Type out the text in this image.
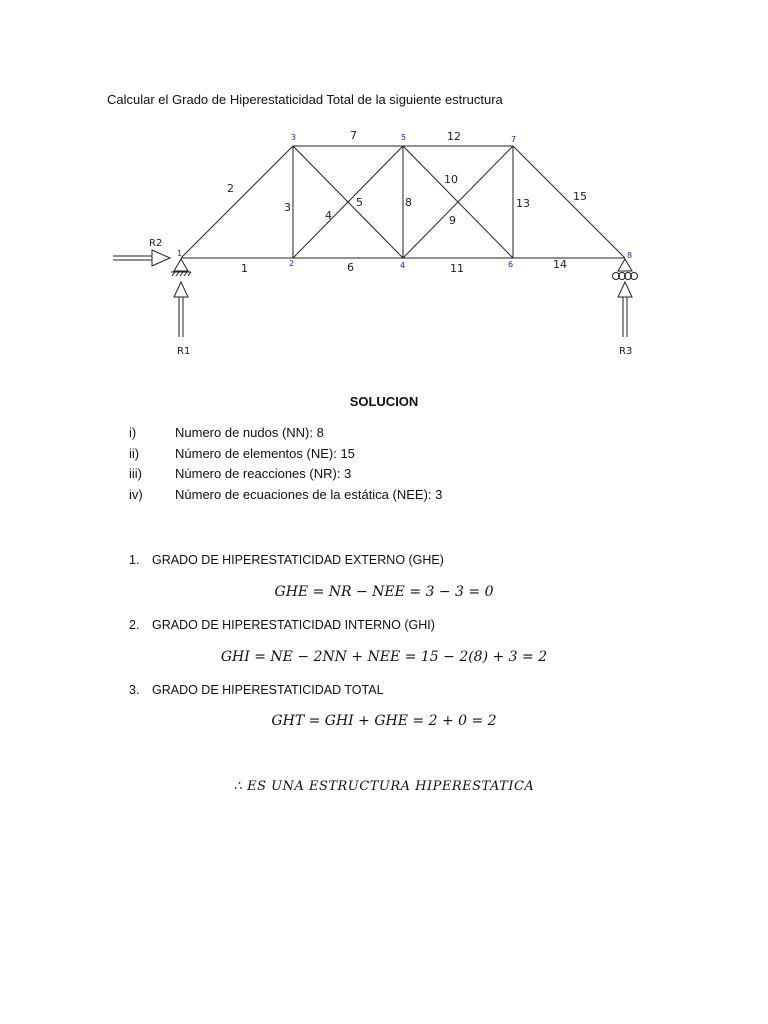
Calcular el Grado de Hiperestaticidad Total de la siguiente estructura
1
2
3
4
5
6
7
8
1
2
3
4
5
6
7
8
9
10
11
12
13
14
15
R1
R2
R3
SOLUCION
i)	Numero de nudos (NN): 8
ii)	Número de elementos (NE): 15
iii)	Número de reacciones (NR): 3
iv)	Número de ecuaciones de la estática (NEE): 3
1.	GRADO DE HIPERESTATICIDAD EXTERNO (GHE)
GHE = NR − NEE = 3 − 3 = 0
2.	GRADO DE HIPERESTATICIDAD INTERNO (GHI)
GHI = NE − 2NN + NEE = 15 − 2(8) + 3 = 2
3.	GRADO DE HIPERESTATICIDAD TOTAL
GHT = GHI + GHE = 2 + 0 = 2
∴ ES UNA ESTRUCTURA HIPERESTATICA
